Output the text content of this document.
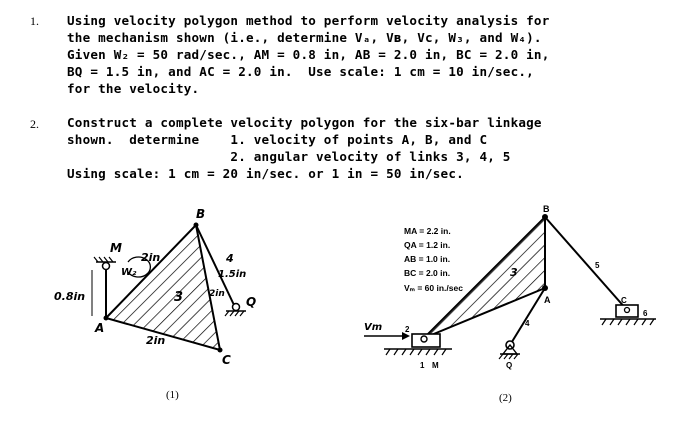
1. Using velocity polygon method to perform velocity analysis for
the mechanism shown (i.e., determine Vₐ, Vʙ, Vc, W₃, and W₄).
Given W₂ = 50 rad/sec., AM = 0.8 in, AB = 2.0 in, BC = 2.0 in,
BQ = 1.5 in, and AC = 2.0 in.  Use scale: 1 cm = 10 in/sec.,
for the velocity.
2. Construct a complete velocity polygon for the six-bar linkage
shown.  determine    1. velocity of points A, B, and C
2. angular velocity of links 3, 4, 5
Using scale: 1 cm = 20 in/sec. or 1 in = 50 in/sec.
B
M
2in
W₂
4
1.5in
2in
Q
0.8in	3
A
2in
C
(1)
MA = 2.2 in.
QA = 1.2 in.
AB = 1.0 in.
BC = 2.0 in.
Vₘ = 60 in./sec
B
3
A
4
Q
5
C
6
2
1 M
Vm
(2)
